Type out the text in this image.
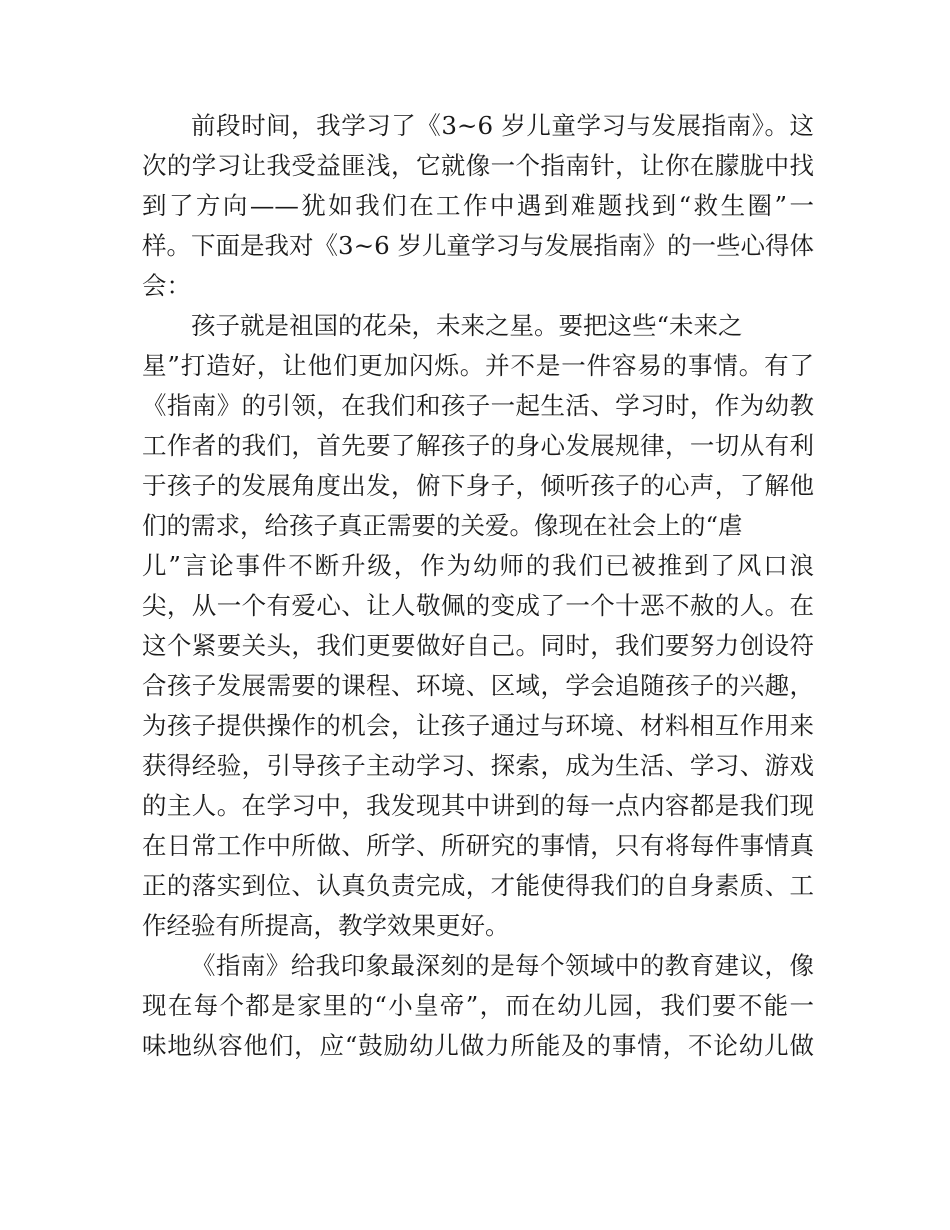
前段时间，我学习了《3~6 岁儿童学习与发展指南》。这
次的学习让我受益匪浅，它就像一个指南针，让你在朦胧中找
到了方向——犹如我们在工作中遇到难题找到“救生圈”一
样。下面是我对《3~6 岁儿童学习与发展指南》的一些心得体
会：
孩子就是祖国的花朵，未来之星。要把这些“未来之
星”打造好，让他们更加闪烁。并不是一件容易的事情。有了
《指南》的引领，在我们和孩子一起生活、学习时，作为幼教
工作者的我们，首先要了解孩子的身心发展规律，一切从有利
于孩子的发展角度出发，俯下身子，倾听孩子的心声，了解他
们的需求，给孩子真正需要的关爱。像现在社会上的“虐
儿”言论事件不断升级，作为幼师的我们已被推到了风口浪
尖，从一个有爱心、让人敬佩的变成了一个十恶不赦的人。在
这个紧要关头，我们更要做好自己。同时，我们要努力创设符
合孩子发展需要的课程、环境、区域，学会追随孩子的兴趣，
为孩子提供操作的机会，让孩子通过与环境、材料相互作用来
获得经验，引导孩子主动学习、探索，成为生活、学习、游戏
的主人。在学习中，我发现其中讲到的每一点内容都是我们现
在日常工作中所做、所学、所研究的事情，只有将每件事情真
正的落实到位、认真负责完成，才能使得我们的自身素质、工
作经验有所提高，教学效果更好。
《指南》给我印象最深刻的是每个领域中的教育建议，像
现在每个都是家里的“小皇帝”，而在幼儿园，我们要不能一
味地纵容他们，应“鼓励幼儿做力所能及的事情，不论幼儿做
